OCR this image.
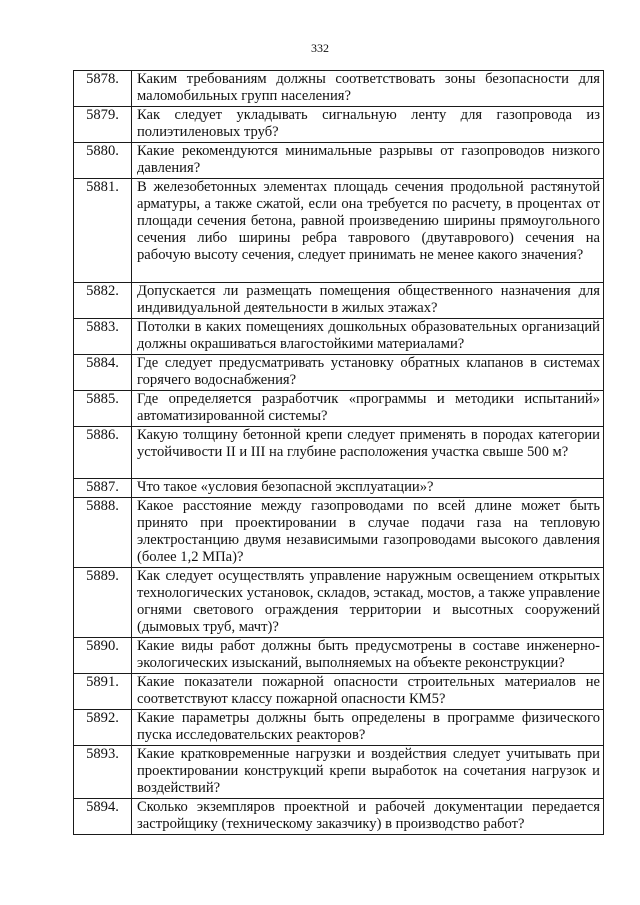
332
5878.	Каким требованиям должны соответствовать зоны безопасности для маломобильных групп населения?
5879.	Как следует укладывать сигнальную ленту для газопровода из полиэтиленовых труб?
5880.	Какие рекомендуются минимальные разрывы от газопроводов низкого давления?
5881.	В железобетонных элементах площадь сечения продольной растянутой арматуры, а также сжатой, если она требуется по расчету, в процентах от площади сечения бетона, равной произведению ширины прямоугольного сечения либо ширины ребра таврового (двутаврового) сечения на рабочую высоту сечения, следует принимать не менее какого значения?
5882.	Допускается ли размещать помещения общественного назначения для индивидуальной деятельности в жилых этажах?
5883.	Потолки в каких помещениях дошкольных образовательных организаций должны окрашиваться влагостойкими материалами?
5884.	Где следует предусматривать установку обратных клапанов в системах горячего водоснабжения?
5885.	Где определяется разработчик «программы и методики испытаний» автоматизированной системы?
5886.	Какую толщину бетонной крепи следует применять в породах категории устойчивости II и III на глубине расположения участка свыше 500 м?
5887.	Что такое «условия безопасной эксплуатации»?
5888.	Какое расстояние между газопроводами по всей длине может быть принято при проектировании в случае подачи газа на тепловую электростанцию двумя независимыми газопроводами высокого давления (более 1,2 МПа)?
5889.	Как следует осуществлять управление наружным освещением открытых технологических установок, складов, эстакад, мостов, а также управление огнями светового ограждения территории и высотных сооружений (дымовых труб, мачт)?
5890.	Какие виды работ должны быть предусмотрены в составе инженерно-экологических изысканий, выполняемых на объекте реконструкции?
5891.	Какие показатели пожарной опасности строительных материалов не соответствуют классу пожарной опасности КМ5?
5892.	Какие параметры должны быть определены в программе физического пуска исследовательских реакторов?
5893.	Какие кратковременные нагрузки и воздействия следует учитывать при проектировании конструкций крепи выработок на сочетания нагрузок и воздействий?
5894.	Сколько экземпляров проектной и рабочей документации передается застройщику (техническому заказчику) в производство работ?
